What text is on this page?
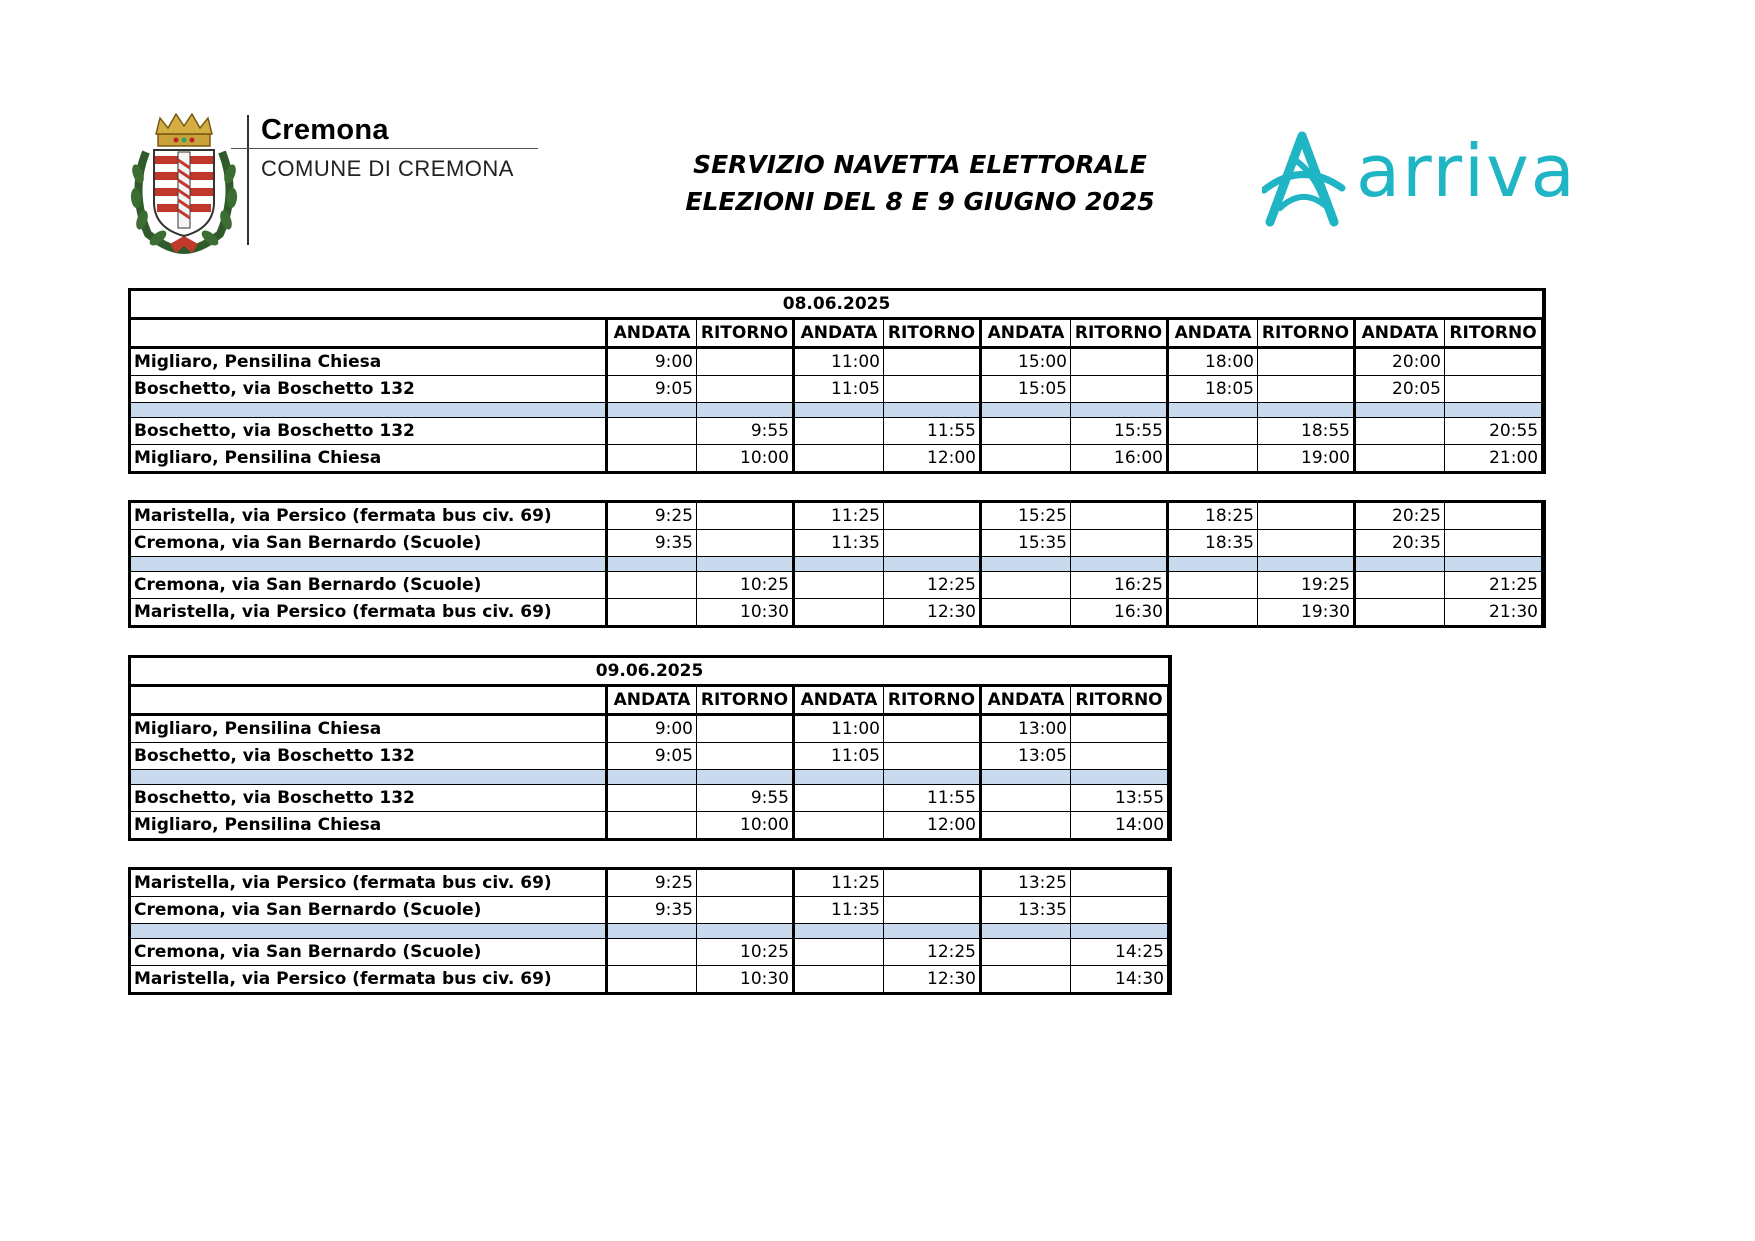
Cremona
COMUNE DI CREMONA	SERVIZIO NAVETTA ELETTORALE
ELEZIONI DEL 8 E 9 GIUGNO 2025	arriva
08.06.2025										
	ANDATA	RITORNO	ANDATA	RITORNO	ANDATA	RITORNO	ANDATA	RITORNO	ANDATA	RITORNO
Migliaro, Pensilina Chiesa	9:00		11:00		15:00		18:00		20:00	
Boschetto, via Boschetto 132	9:05		11:05		15:05		18:05		20:05	

Boschetto, via Boschetto 132		9:55		11:55		15:55		18:55		20:55
Migliaro, Pensilina Chiesa		10:00		12:00		16:00		19:00		21:00
Maristella, via Persico (fermata bus civ. 69)	9:25		11:25		15:25		18:25		20:25	
Cremona, via San Bernardo (Scuole)	9:35		11:35		15:35		18:35		20:35	

Cremona, via San Bernardo (Scuole)		10:25		12:25		16:25		19:25		21:25
Maristella, via Persico (fermata bus civ. 69)		10:30		12:30		16:30		19:30		21:30
09.06.2025						
	ANDATA	RITORNO	ANDATA	RITORNO	ANDATA	RITORNO
Migliaro, Pensilina Chiesa	9:00		11:00		13:00	
Boschetto, via Boschetto 132	9:05		11:05		13:05	

Boschetto, via Boschetto 132		9:55		11:55		13:55
Migliaro, Pensilina Chiesa		10:00		12:00		14:00
Maristella, via Persico (fermata bus civ. 69)	9:25		11:25		13:25	
Cremona, via San Bernardo (Scuole)	9:35		11:35		13:35	

Cremona, via San Bernardo (Scuole)		10:25		12:25		14:25
Maristella, via Persico (fermata bus civ. 69)		10:30		12:30		14:30
